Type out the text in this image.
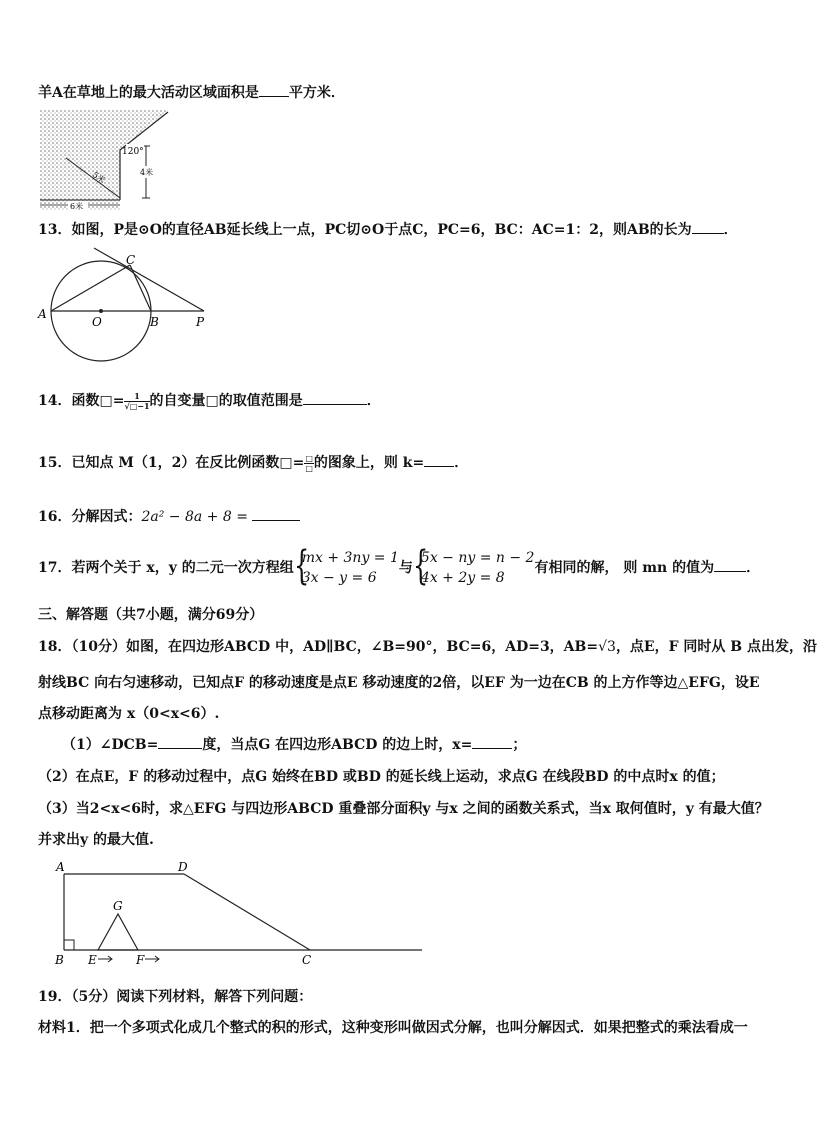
羊A在草地上的最大活动区域面积是 平方米．
120°
5米	4米
6米
13．如图，P是⊙O的直径AB延长线上一点，PC切⊙O于点C，PC=6，BC：AC=1：2，则AB的长为 ．
A
O	B	P
C
14．函数□= $\frac{1}{√□-1}$ 的自变量□的取值范围是	．
15．已知点 M（1，2）在反比例函数□= $\frac{□}{□}$ 的图象上，则 k= ．
16．分解因式：2a² − 8a + 8 =
17．若两个关于 x，y 的二元一次方程组 {
mx + 3ny = 1
3x − y = 6
与 {
5x − ny = n − 2
4x + 2y = 8
有相同的解， 则 mn 的值为 ．
三、解答题（共7小题，满分69分）
18．（10分）如图，在四边形ABCD 中，AD∥BC，∠B=90°，BC=6，AD=3，AB=√3，点E，F 同时从 B 点出发，沿
射线BC 向右匀速移动，已知点F 的移动速度是点E 移动速度的2倍，以EF 为一边在CB 的上方作等边△EFG，设E
点移动距离为 x（0<x<6）.
（1）∠DCB=	度，当点G 在四边形ABCD 的边上时，x=	；
（2）在点E，F 的移动过程中，点G 始终在BD 或BD 的延长线上运动，求点G 在线段BD 的中点时x 的值；
（3）当2<x<6时，求△EFG 与四边形ABCD 重叠部分面积y 与x 之间的函数关系式，当x 取何值时，y 有最大值？
并求出y 的最大值.
A	D
G
B E	F	C
19．（5分）阅读下列材料，解答下列问题：
材料1．把一个多项式化成几个整式的积的形式，这种变形叫做因式分解，也叫分解因式．如果把整式的乘法看成一
